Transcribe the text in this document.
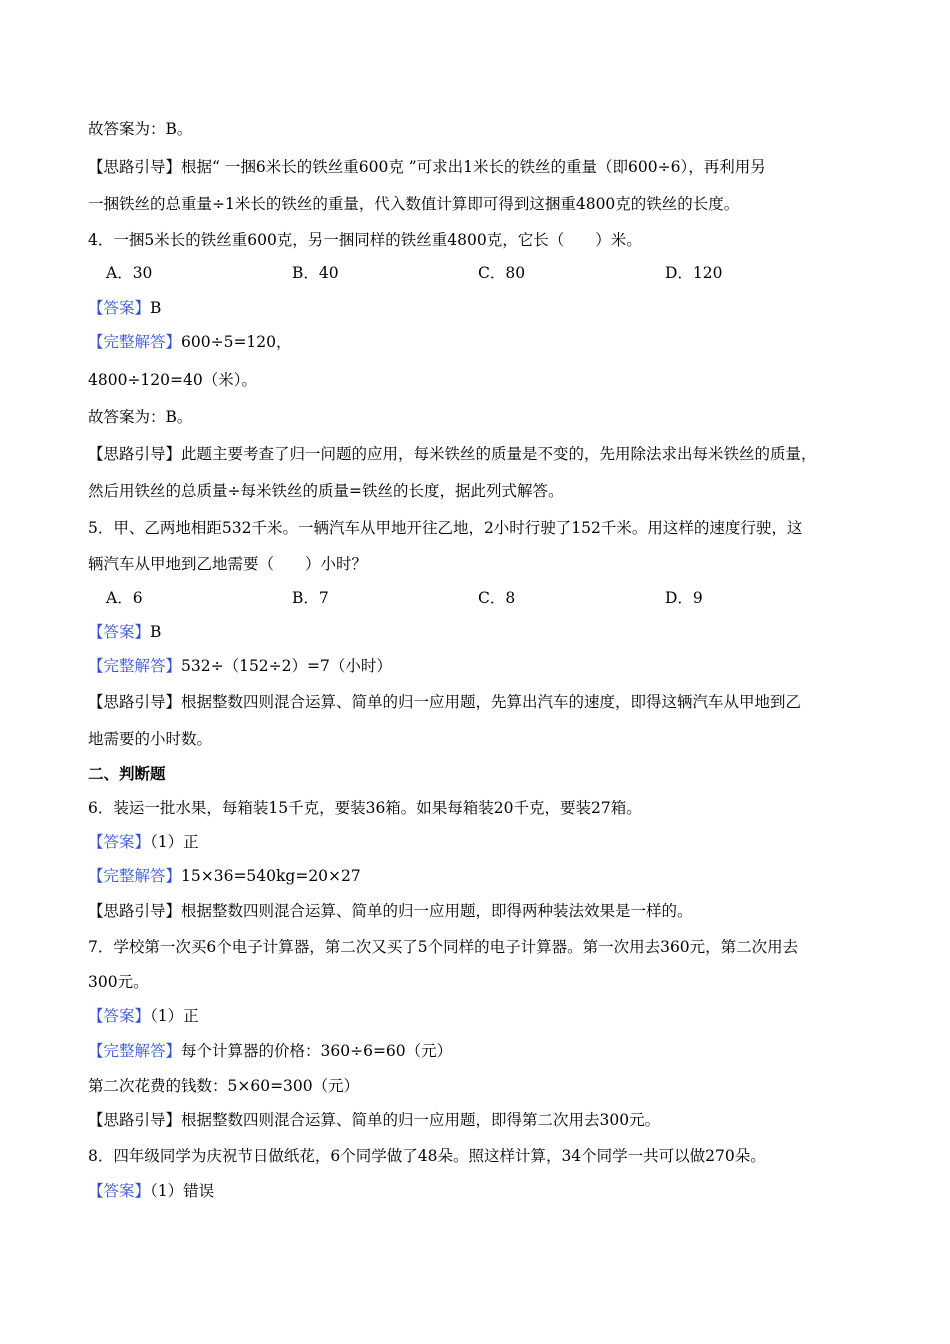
故答案为：B。
【思路引导】根据“ 一捆6米长的铁丝重600克 ”可求出1米长的铁丝的重量（即600÷6），再利用另
一捆铁丝的总重量÷1米长的铁丝的重量，代入数值计算即可得到这捆重4800克的铁丝的长度。
4．一捆5米长的铁丝重600克，另一捆同样的铁丝重4800克，它长（　　）米。
A．30	B．40	C．80	D．120
【答案】B
【完整解答】600÷5=120，
4800÷120=40（米）。
故答案为：B。
【思路引导】此题主要考查了归一问题的应用，每米铁丝的质量是不变的，先用除法求出每米铁丝的质量，
然后用铁丝的总质量÷每米铁丝的质量=铁丝的长度，据此列式解答。
5．甲、乙两地相距532千米。一辆汽车从甲地开往乙地，2小时行驶了152千米。用这样的速度行驶，这
辆汽车从甲地到乙地需要（　　）小时？
A．6	B．7	C．8	D．9
【答案】B
【完整解答】532÷（152÷2）=7（小时）
【思路引导】根据整数四则混合运算、简单的归一应用题，先算出汽车的速度，即得这辆汽车从甲地到乙
地需要的小时数。
二、判断题
6．装运一批水果，每箱装15千克，要装36箱。如果每箱装20千克，要装27箱。
【答案】（1）正
【完整解答】15×36=540kg=20×27
【思路引导】根据整数四则混合运算、简单的归一应用题，即得两种装法效果是一样的。
7．学校第一次买6个电子计算器，第二次又买了5个同样的电子计算器。第一次用去360元，第二次用去
300元。
【答案】（1）正
【完整解答】每个计算器的价格：360÷6=60（元）
第二次花费的钱数：5×60=300（元）
【思路引导】根据整数四则混合运算、简单的归一应用题，即得第二次用去300元。
8．四年级同学为庆祝节日做纸花，6个同学做了48朵。照这样计算，34个同学一共可以做270朵。
【答案】（1）错误
